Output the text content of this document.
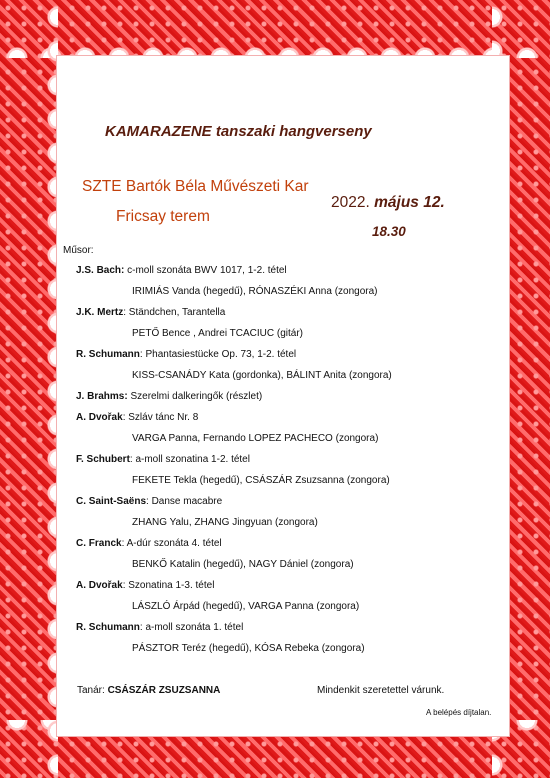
KAMARAZENE tanszaki hangverseny
SZTE Bartók Béla Művészeti Kar
Fricsay terem
2022. május 12.
18.30
Műsor:
J.S. Bach: c-moll szonáta BWV 1017, 1-2. tétel
IRIMIÁS Vanda (hegedű), RÓNASZÉKI Anna (zongora)
J.K. Mertz: Ständchen, Tarantella
PETŐ Bence , Andrei TCACIUC (gitár)
R. Schumann: Phantasiestücke Op. 73, 1-2. tétel
KISS-CSANÁDY Kata (gordonka), BÁLINT Anita (zongora)
J. Brahms: Szerelmi dalkeringők (részlet)
A. Dvořak: Szláv tánc Nr. 8
VARGA Panna, Fernando LOPEZ PACHECO (zongora)
F. Schubert: a-moll szonatina 1-2. tétel
FEKETE Tekla (hegedű), CSÁSZÁR Zsuzsanna (zongora)
C. Saint-Saëns: Danse macabre
ZHANG Yalu, ZHANG Jingyuan (zongora)
C. Franck: A-dúr szonáta 4. tétel
BENKŐ Katalin (hegedű), NAGY Dániel (zongora)
A. Dvořak: Szonatina 1-3. tétel
LÁSZLÓ Árpád (hegedű), VARGA Panna (zongora)
R. Schumann: a-moll szonáta 1. tétel
PÁSZTOR Teréz (hegedű), KÓSA Rebeka (zongora)
Tanár: CSÁSZÁR ZSUZSANNA	Mindenkit szeretettel várunk.
A belépés díjtalan.
